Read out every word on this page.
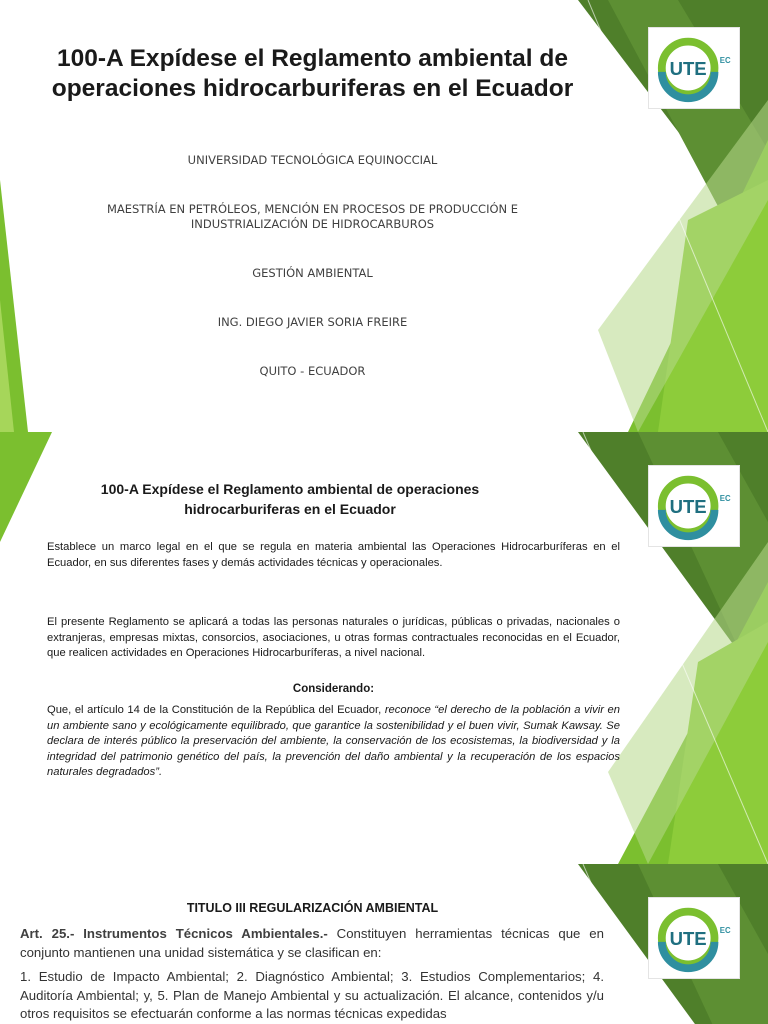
UTE EC
100-A Expídese el Reglamento ambiental de operaciones hidrocarburiferas en el Ecuador
UNIVERSIDAD TECNOLÓGICA EQUINOCCIAL
MAESTRÍA EN PETRÓLEOS, MENCIÓN EN PROCESOS DE PRODUCCIÓN E INDUSTRIALIZACIÓN DE HIDROCARBUROS
GESTIÓN AMBIENTAL
ING. DIEGO JAVIER SORIA FREIRE
QUITO - ECUADOR
UTE EC
100-A Expídese el Reglamento ambiental de operaciones hidrocarburiferas en el Ecuador

Establece un marco legal en el que se regula en materia ambiental las Operaciones Hidrocarburíferas en el Ecuador, en sus diferentes fases y demás actividades técnicas y operacionales.

El presente Reglamento se aplicará a todas las personas naturales o jurídicas, públicas o privadas, nacionales o extranjeras, empresas mixtas, consorcios, asociaciones, u otras formas contractuales reconocidas en el Ecuador, que realicen actividades en Operaciones Hidrocarburíferas, a nivel nacional.

Considerando:

Que, el artículo 14 de la Constitución de la República del Ecuador, reconoce “el derecho de la población a vivir en un ambiente sano y ecológicamente equilibrado, que garantice la sostenibilidad y el buen vivir, Sumak Kawsay. Se declara de interés público la preservación del ambiente, la conservación de los ecosistemas, la biodiversidad y la integridad del patrimonio genético del país, la prevención del daño ambiental y la recuperación de los espacios naturales degradados”.

UTE EC
TITULO III REGULARIZACIÓN AMBIENTAL

Art. 25.- Instrumentos Técnicos Ambientales.- Constituyen herramientas técnicas que en conjunto mantienen una unidad sistemática y se clasifican en:

1. Estudio de Impacto Ambiental; 2. Diagnóstico Ambiental; 3. Estudios Complementarios; 4. Auditoría Ambiental; y, 5. Plan de Manejo Ambiental y su actualización. El alcance, contenidos y/u otros requisitos se efectuarán conforme a las normas técnicas expedidas
